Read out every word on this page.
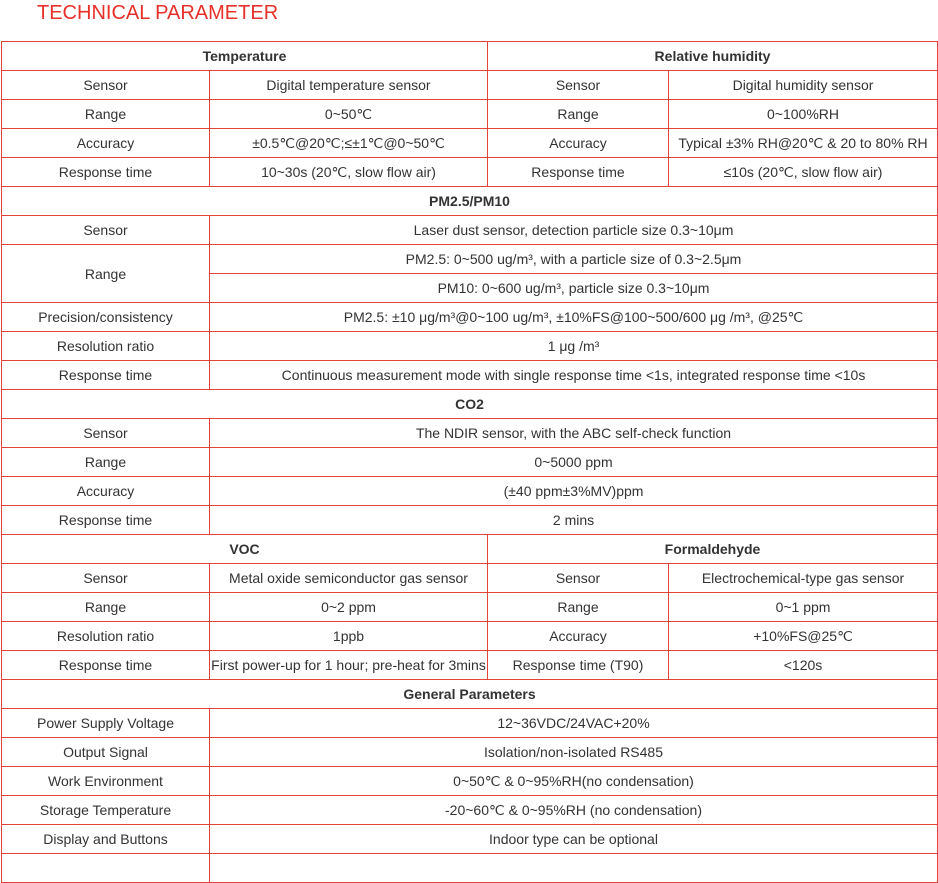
TECHNICAL PARAMETER
Temperature		Relative humidity	
Sensor	Digital temperature sensor	Sensor	Digital humidity sensor
Range	0~50℃	Range	0~100%RH
Accuracy	±0.5℃@20℃;≤±1℃@0~50℃	Accuracy	Typical ±3% RH@20℃ & 20 to 80% RH
Response time	10~30s (20℃, slow flow air)	Response time	≤10s (20℃, slow flow air)
PM2.5/PM10			
Sensor	Laser dust sensor, detection particle size 0.3~10μm		
Range	PM2.5: 0~500 ug/m³, with a particle size of 0.3~2.5μm		
	PM10: 0~600 ug/m³, particle size 0.3~10μm		
Precision/consistency	PM2.5: ±10 μg/m³@0~100 ug/m³, ±10%FS@100~500/600 μg /m³, @25℃		
Resolution ratio	1 μg /m³		
Response time	Continuous measurement mode with single response time <1s, integrated response time <10s		
CO2			
Sensor	The NDIR sensor, with the ABC self-check function		
Range	0~5000 ppm		
Accuracy	(±40 ppm±3%MV)ppm		
Response time	2 mins		
VOC		Formaldehyde	
Sensor	Metal oxide semiconductor gas sensor	Sensor	Electrochemical-type gas sensor
Range	0~2 ppm	Range	0~1 ppm
Resolution ratio	1ppb	Accuracy	+10%FS@25℃
Response time	First power-up for 1 hour; pre-heat for 3mins	Response time (T90)	<120s
General Parameters			
Power Supply Voltage	12~36VDC/24VAC+20%		
Output Signal	Isolation/non-isolated RS485		
Work Environment	0~50℃ & 0~95%RH(no condensation)		
Storage Temperature	-20~60℃ & 0~95%RH (no condensation)		
Display and Buttons	Indoor type can be optional		
